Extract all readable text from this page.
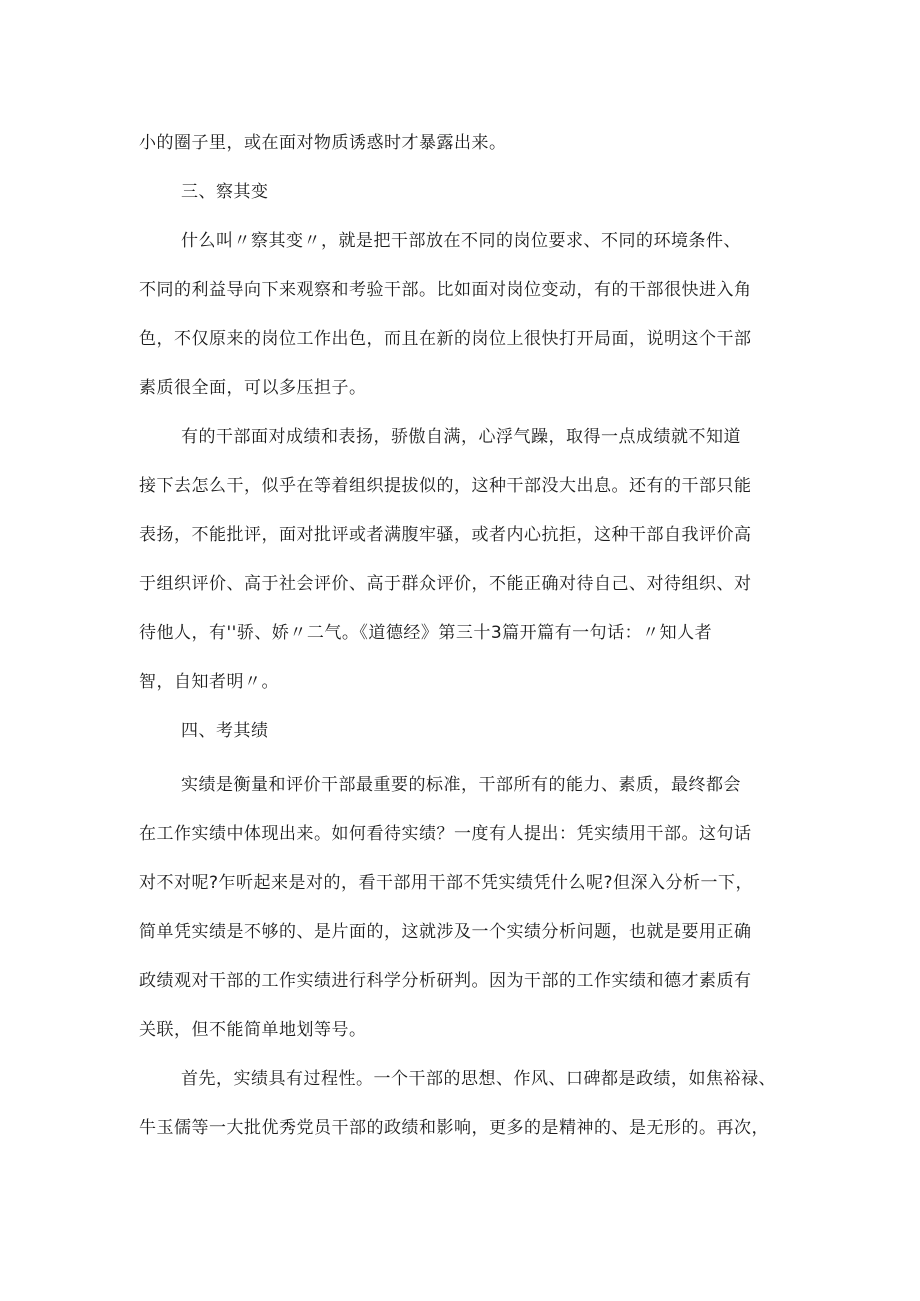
小的圈子里，或在面对物质诱惑时才暴露出来。
三、察其变
什么叫〃察其变〃，就是把干部放在不同的岗位要求、不同的环境条件、
不同的利益导向下来观察和考验干部。比如面对岗位变动，有的干部很快进入角
色，不仅原来的岗位工作出色，而且在新的岗位上很快打开局面，说明这个干部
素质很全面，可以多压担子。
有的干部面对成绩和表扬，骄傲自满，心浮气躁，取得一点成绩就不知道
接下去怎么干，似乎在等着组织提拔似的，这种干部没大出息。还有的干部只能
表扬，不能批评，面对批评或者满腹牢骚，或者内心抗拒，这种干部自我评价高
于组织评价、高于社会评价、高于群众评价，不能正确对待自己、对待组织、对
待他人，有''骄、娇〃二气。《道德经》第三十3篇开篇有一句话：〃知人者
智，自知者明〃。
四、考其绩
实绩是衡量和评价干部最重要的标准，干部所有的能力、素质，最终都会
在工作实绩中体现出来。如何看待实绩？一度有人提出：凭实绩用干部。这句话
对不对呢?乍听起来是对的，看干部用干部不凭实绩凭什么呢?但深入分析一下，
简单凭实绩是不够的、是片面的，这就涉及一个实绩分析问题，也就是要用正确
政绩观对干部的工作实绩进行科学分析研判。因为干部的工作实绩和德才素质有
关联，但不能简单地划等号。
首先，实绩具有过程性。一个干部的思想、作风、口碑都是政绩，如焦裕禄、
牛玉儒等一大批优秀党员干部的政绩和影响，更多的是精神的、是无形的。再次，
